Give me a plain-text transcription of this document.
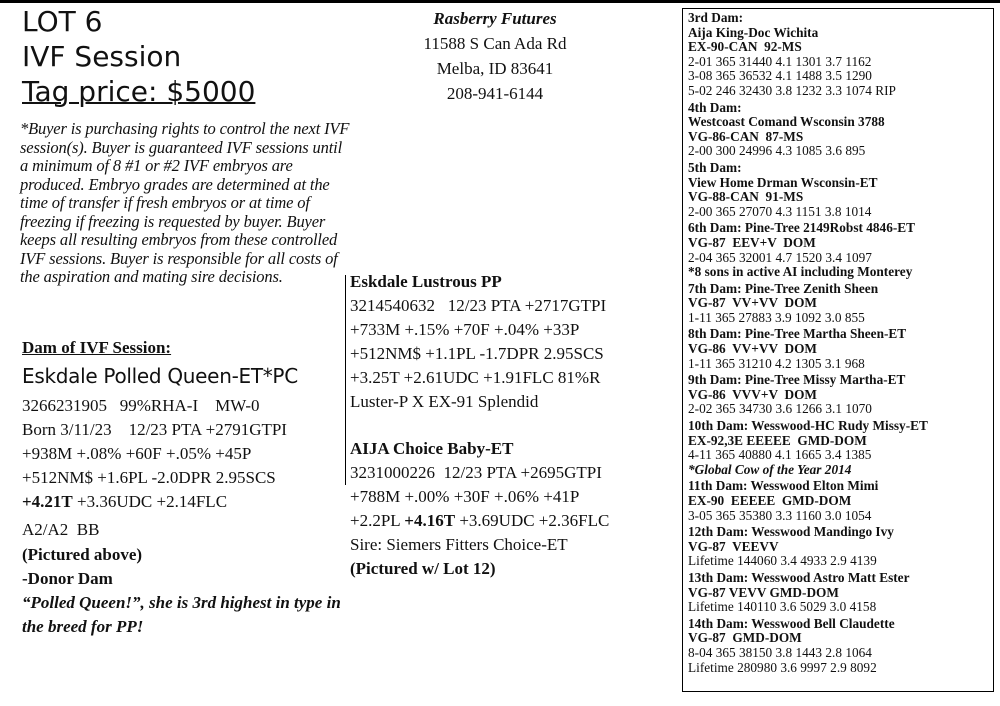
LOT 6
IVF Session
Tag price: $5000
*Buyer is purchasing rights to control the next IVF session(s). Buyer is guaranteed IVF sessions until a minimum of 8 #1 or #2 IVF embryos are produced. Embryo grades are determined at the time of transfer if fresh embryos or at time of freezing if freezing is requested by buyer. Buyer keeps all resulting embryos from these controlled IVF sessions. Buyer is responsible for all costs of the aspiration and mating sire decisions.
Dam of IVF Session:
Eskdale Polled Queen-ET*PC
3266231905   99%RHA-I    MW-0
Born 3/11/23    12/23 PTA +2791GTPI
+938M +.08% +60F +.05% +45P
+512NM$ +1.6PL -2.0DPR 2.95SCS
+4.21T +3.36UDC +2.14FLC
A2/A2  BB
(Pictured above)
-Donor Dam
“Polled Queen!”, she is 3rd highest in type in the breed for PP!
Rasberry Futures
11588 S Can Ada Rd
Melba, ID 83641
208-941-6144
Eskdale Lustrous PP
3214540632   12/23 PTA +2717GTPI
+733M +.15% +70F +.04% +33P
+512NM$ +1.1PL -1.7DPR 2.95SCS
+3.25T +2.61UDC +1.91FLC 81%R
Luster-P X EX-91 Splendid
AIJA Choice Baby-ET
3231000226  12/23 PTA +2695GTPI
+788M +.00% +30F +.06% +41P
+2.2PL +4.16T +3.69UDC +2.36FLC
Sire: Siemers Fitters Choice-ET
(Pictured w/ Lot 12)
3rd Dam:
Aija King-Doc Wichita
EX-90-CAN  92-MS
2-01 365 31440 4.1 1301 3.7 1162
3-08 365 36532 4.1 1488 3.5 1290
5-02 246 32430 3.8 1232 3.3 1074 RIP
4th Dam:
Westcoast Comand Wsconsin 3788
VG-86-CAN  87-MS
2-00 300 24996 4.3 1085 3.6 895
5th Dam:
View Home Drman Wsconsin-ET
VG-88-CAN  91-MS
2-00 365 27070 4.3 1151 3.8 1014
6th Dam: Pine-Tree 2149Robst 4846-ET
VG-87  EEV+V  DOM
2-04 365 32001 4.7 1520 3.4 1097
*8 sons in active AI including Monterey
7th Dam: Pine-Tree Zenith Sheen
VG-87  VV+VV  DOM
1-11 365 27883 3.9 1092 3.0 855
8th Dam: Pine-Tree Martha Sheen-ET
VG-86  VV+VV  DOM
1-11 365 31210 4.2 1305 3.1 968
9th Dam: Pine-Tree Missy Martha-ET
VG-86  VVV+V  DOM
2-02 365 34730 3.6 1266 3.1 1070
10th Dam: Wesswood-HC Rudy Missy-ET
EX-92,3E EEEEE  GMD-DOM
4-11 365 40880 4.1 1665 3.4 1385
*Global Cow of the Year 2014
11th Dam: Wesswood Elton Mimi
EX-90  EEEEE  GMD-DOM
3-05 365 35380 3.3 1160 3.0 1054
12th Dam: Wesswood Mandingo Ivy
VG-87  VEEVV
Lifetime 144060 3.4 4933 2.9 4139
13th Dam: Wesswood Astro Matt Ester
VG-87 VEVV GMD-DOM
Lifetime 140110 3.6 5029 3.0 4158
14th Dam: Wesswood Bell Claudette
VG-87  GMD-DOM
8-04 365 38150 3.8 1443 2.8 1064
Lifetime 280980 3.6 9997 2.9 8092
